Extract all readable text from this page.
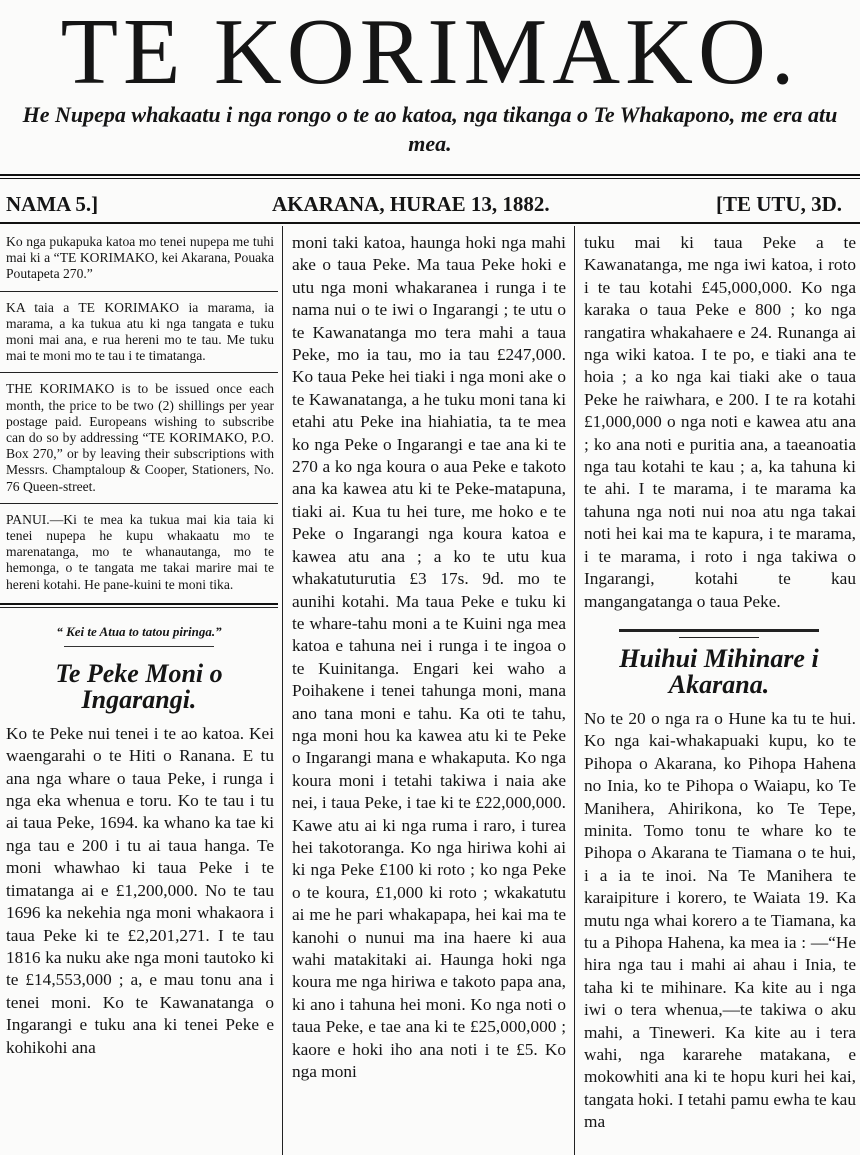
TE KORIMAKO.
He Nupepa whakaatu i nga rongo o te ao katoa, nga tikanga o Te Whakapono, me era atu mea.
NAMA 5.]	AKARANA, HURAE 13, 1882.	[TE UTU, 3D.
Ko nga pukapuka katoa mo tenei nupepa me tuhi mai ki a “TE KORIMAKO, kei Akarana, Pouaka Poutapeta 270.”
KA taia a TE KORIMAKO ia marama, ia marama, a ka tukua atu ki nga tangata e tuku moni mai ana, e rua hereni mo te tau. Me tuku mai te moni mo te tau i te timatanga.
THE KORIMAKO is to be issued once each month, the price to be two (2) shillings per year postage paid. Europeans wishing to subscribe can do so by addressing “TE KORIMAKO, P.O. Box 270,” or by leaving their subscriptions with Messrs. Champtaloup & Cooper, Stationers, No. 76 Queen-street.
PANUI.—Ki te mea ka tukua mai kia taia ki tenei nupepa he kupu whakaatu mo te marenatanga, mo te whanautanga, mo te hemonga, o te tangata me takai marire mai te hereni kotahi. He pane-kuini te moni tika.
“ Kei te Atua to tatou piringa.”
Te Peke Moni o Ingarangi.
Ko te Peke nui tenei i te ao katoa. Kei waengarahi o te Hiti o Ranana. E tu ana nga whare o taua Peke, i runga i nga eka whenua e toru. Ko te tau i tu ai taua Peke, 1694. ka whano ka tae ki nga tau e 200 i tu ai taua hanga. Te moni whawhao ki taua Peke i te timatanga ai e £1,200,000. No te tau 1696 ka nekehia nga moni whakaora i taua Peke ki te £2,201,271. I te tau 1816 ka nuku ake nga moni tautoko ki te £14,553,000 ; a, e mau tonu ana i tenei moni. Ko te Kawanatanga o Ingarangi e tuku ana ki tenei Peke e kohikohi ana
moni taki katoa, haunga hoki nga mahi ake o taua Peke. Ma taua Peke hoki e utu nga moni whakaranea i runga i te nama nui o te iwi o Ingarangi ; te utu o te Kawanatanga mo tera mahi a taua Peke, mo ia tau, mo ia tau £247,000. Ko taua Peke hei tiaki i nga moni ake o te Kawanatanga, a he tuku moni tana ki etahi atu Peke ina hiahiatia, ta te mea ko nga Peke o Ingarangi e tae ana ki te 270 a ko nga koura o aua Peke e takoto ana ka kawea atu ki te Peke-matapuna, tiaki ai. Kua tu hei ture, me hoko e te Peke o Ingarangi nga koura katoa e kawea atu ana ; a ko te utu kua whakatuturutia £3 17s. 9d. mo te aunihi kotahi. Ma taua Peke e tuku ki te whare-tahu moni a te Kuini nga mea katoa e tahuna nei i runga i te ingoa o te Kuinitanga. Engari kei waho a Poihakene i tenei tahunga moni, mana ano tana moni e tahu. Ka oti te tahu, nga moni hou ka kawea atu ki te Peke o Ingarangi mana e whakaputa. Ko nga koura moni i tetahi takiwa i naia ake nei, i taua Peke, i tae ki te £22,000,000. Kawe atu ai ki nga ruma i raro, i turea hei takotoranga. Ko nga hiriwa kohi ai ki nga Peke £100 ki roto ; ko nga Peke o te koura, £1,000 ki roto ; wkakatutu ai me he pari whakapapa, hei kai ma te kanohi o nunui ma ina haere ki aua wahi matakitaki ai. Haunga hoki nga koura me nga hiriwa e takoto papa ana, ki ano i tahuna hei moni. Ko nga noti o taua Peke, e tae ana ki te £25,000,000 ; kaore e hoki iho ana noti i te £5. Ko nga moni
tuku mai ki taua Peke a te Kawanatanga, me nga iwi katoa, i roto i te tau kotahi £45,000,000. Ko nga karaka o taua Peke e 800 ; ko nga rangatira whakahaere e 24. Runanga ai nga wiki katoa. I te po, e tiaki ana te hoia ; a ko nga kai tiaki ake o taua Peke he raiwhara, e 200. I te ra kotahi £1,000,000 o nga noti e kawea atu ana ; ko ana noti e puritia ana, a taeanoatia nga tau kotahi te kau ; a, ka tahuna ki te ahi. I te marama, i te marama ka tahuna nga noti nui noa atu nga takai noti hei kai ma te kapura, i te marama, i te marama, i roto i nga takiwa o Ingarangi, kotahi te kau mangangatanga o taua Peke.
Huihui Mihinare i Akarana.
No te 20 o nga ra o Hune ka tu te hui. Ko nga kai-whakapuaki kupu, ko te Pihopa o Akarana, ko Pihopa Hahena no Inia, ko te Pihopa o Waiapu, ko Te Manihera, Ahirikona, ko Te Tepe, minita. Tomo tonu te whare ko te Pihopa o Akarana te Tiamana o te hui, i a ia te inoi. Na Te Manihera te karaipiture i korero, te Waiata 19. Ka mutu nga whai korero a te Tiamana, ka tu a Pihopa Hahena, ka mea ia : —“He hira nga tau i mahi ai ahau i Inia, te taha ki te mihinare. Ka kite au i nga iwi o tera whenua,—te takiwa o aku mahi, a Tineweri. Ka kite au i tera wahi, nga kararehe matakana, e mokowhiti ana ki te hopu kuri hei kai, tangata hoki. I tetahi pamu ewha te kau ma
